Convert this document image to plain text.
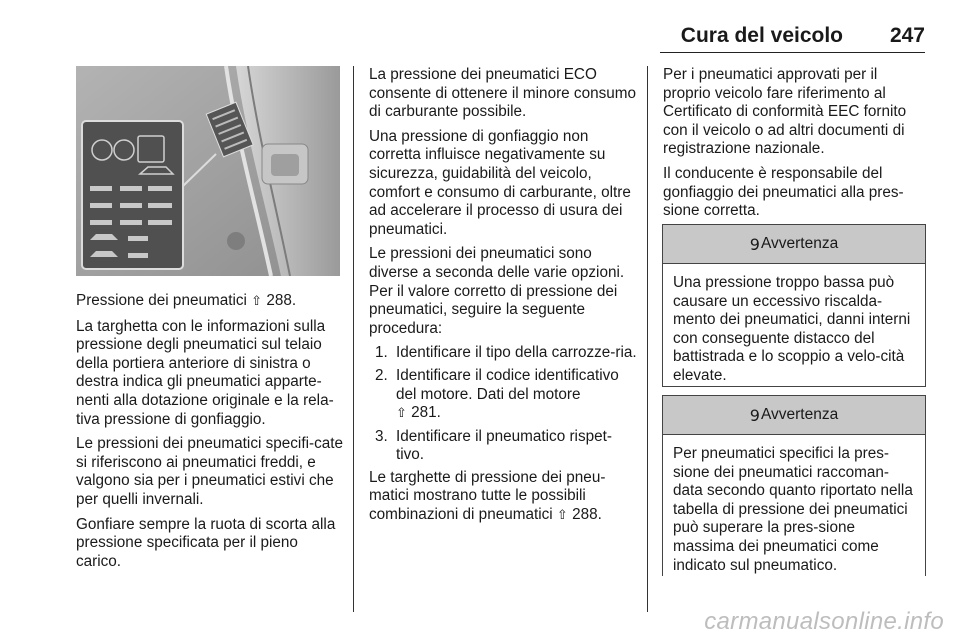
Cura del veicolo 247

Pressione dei pneumatici ⇧ 288.

La targhetta con le informazioni sulla pressione degli pneumatici sul telaio della portiera anteriore di sinistra o destra indica gli pneumatici apparte-nenti alla dotazione originale e la rela-tiva pressione di gonfiaggio.

Le pressioni dei pneumatici specifi-cate si riferiscono ai pneumatici freddi, e valgono sia per i pneumatici estivi che per quelli invernali.

Gonfiare sempre la ruota di scorta alla pressione specificata per il pieno carico.

La pressione dei pneumatici ECO consente di ottenere il minore consumo di carburante possibile.

Una pressione di gonfiaggio non corretta influisce negativamente su sicurezza, guidabilità del veicolo, comfort e consumo di carburante, oltre ad accelerare il processo di usura dei pneumatici.

Le pressioni dei pneumatici sono diverse a seconda delle varie opzioni. Per il valore corretto di pressione dei pneumatici, seguire la seguente procedura:

1. Identificare il tipo della carrozze-ria.
2. Identificare il codice identificativo del motore. Dati del motore
⇧ 281.
3. Identificare il pneumatico rispet-tivo.

Le targhette di pressione dei pneu-matici mostrano tutte le possibili combinazioni di pneumatici ⇧ 288.

Per i pneumatici approvati per il proprio veicolo fare riferimento al Certificato di conformità EEC fornito con il veicolo o ad altri documenti di registrazione nazionale.

Il conducente è responsabile del gonfiaggio dei pneumatici alla pres-sione corretta.

9 Avvertenza
Una pressione troppo bassa può causare un eccessivo riscalda-mento dei pneumatici, danni interni con conseguente distacco del battistrada e lo scoppio a velo-cità elevate.
9 Avvertenza
Per pneumatici specifici la pres-sione dei pneumatici raccoman-data secondo quanto riportato nella tabella di pressione dei pneumatici può superare la pres-sione massima dei pneumatici come indicato sul pneumatico.
carmanualsonline.info
